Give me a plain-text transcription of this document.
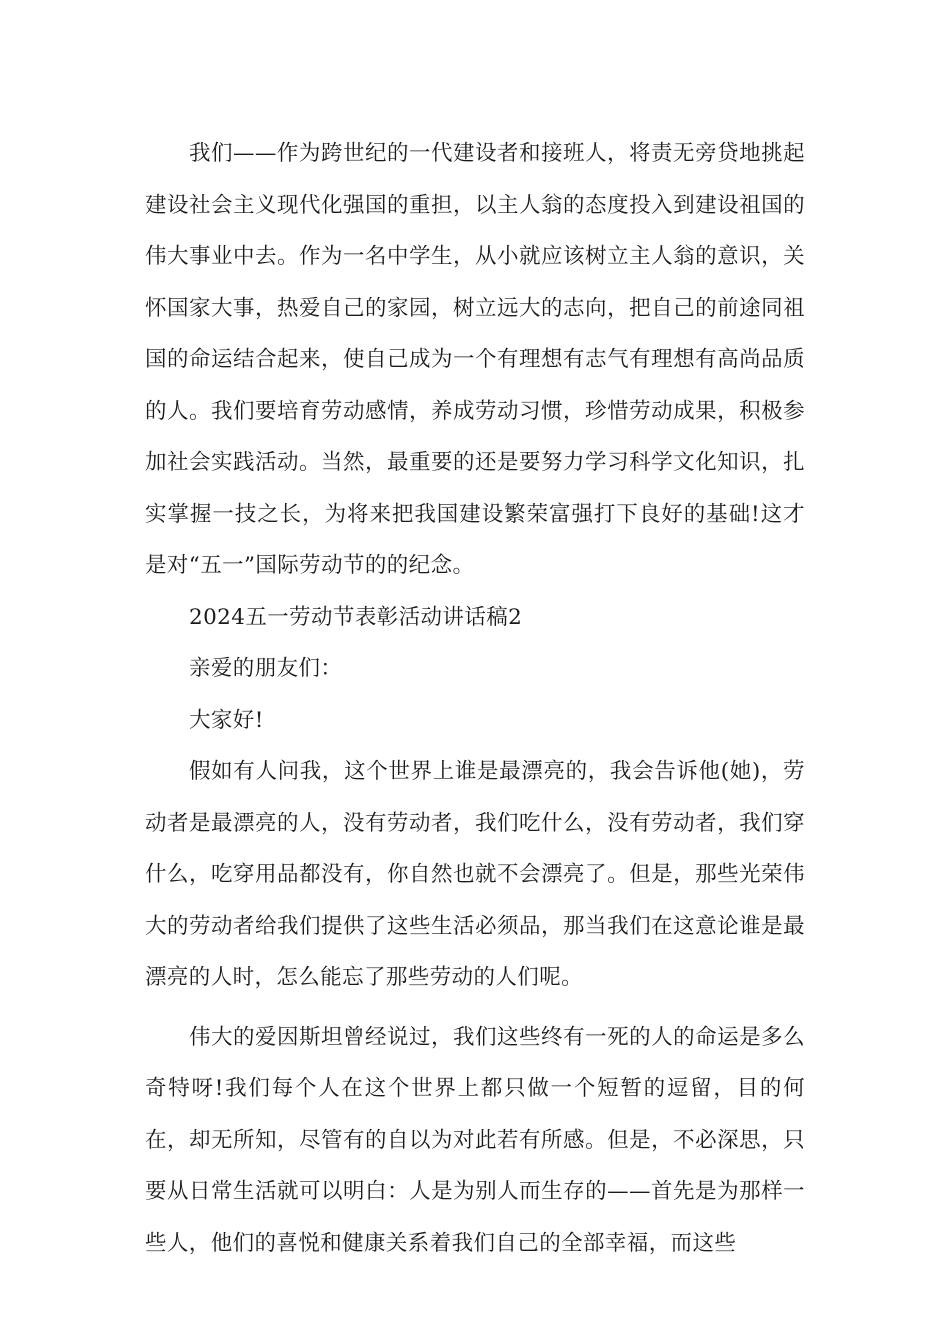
我们——作为跨世纪的一代建设者和接班人，将责无旁贷地挑起建设社会主义现代化强国的重担，以主人翁的态度投入到建设祖国的伟大事业中去。作为一名中学生，从小就应该树立主人翁的意识，关怀国家大事，热爱自己的家园，树立远大的志向，把自己的前途同祖国的命运结合起来，使自己成为一个有理想有志气有理想有高尚品质的人。我们要培育劳动感情，养成劳动习惯，珍惜劳动成果，积极参加社会实践活动。当然，最重要的还是要努力学习科学文化知识，扎实掌握一技之长，为将来把我国建设繁荣富强打下良好的基础!这才是对“五一”国际劳动节的的纪念。

2024五一劳动节表彰活动讲话稿2

亲爱的朋友们：

大家好!

假如有人问我，这个世界上谁是最漂亮的，我会告诉他(她)，劳动者是最漂亮的人，没有劳动者，我们吃什么，没有劳动者，我们穿什么，吃穿用品都没有，你自然也就不会漂亮了。但是，那些光荣伟大的劳动者给我们提供了这些生活必须品，那当我们在这意论谁是最漂亮的人时，怎么能忘了那些劳动的人们呢。

伟大的爱因斯坦曾经说过，我们这些终有一死的人的命运是多么奇特呀!我们每个人在这个世界上都只做一个短暂的逗留，目的何在，却无所知，尽管有的自以为对此若有所感。但是，不必深思，只要从日常生活就可以明白：人是为别人而生存的——首先是为那样一些人，他们的喜悦和健康关系着我们自己的全部幸福，而这些
